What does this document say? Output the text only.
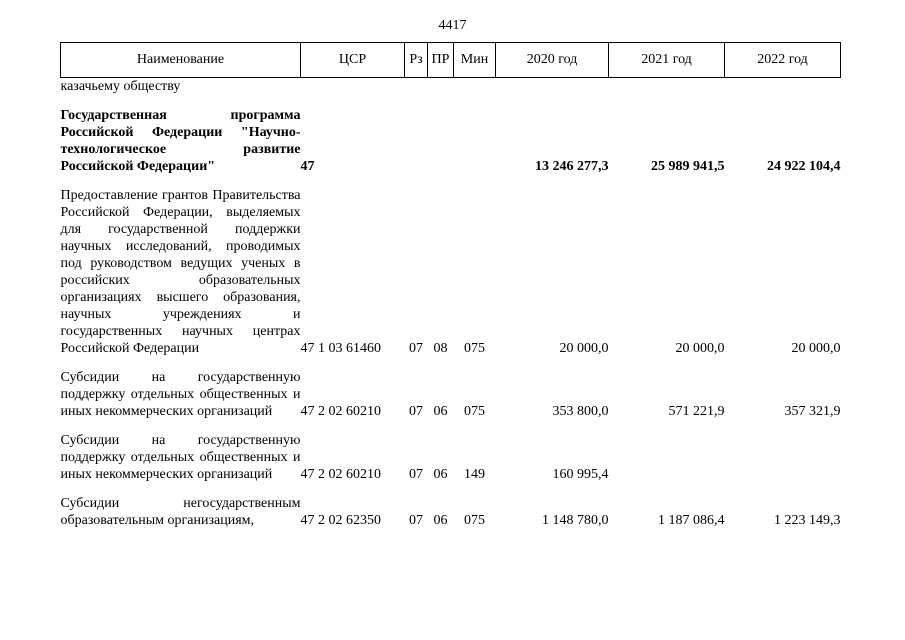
4417
Наименование	ЦСР	Рз	ПР	Мин	2020 год	2021 год	2022 год
казачьему обществу							

Государственная программа Российской Федерации "Научно-технологическое развитие Российской Федерации"	47				13 246 277,3	25 989 941,5	24 922 104,4

Предоставление грантов Правительства Российской Федерации, выделяемых для государственной поддержки научных исследований, проводимых под руководством ведущих ученых в российских образовательных организациях высшего образования, научных учреждениях и государственных научных центрах Российской Федерации	47 1 03 61460	07	08	075	20 000,0	20 000,0	20 000,0

Субсидии на государственную поддержку отдельных общественных и иных некоммерческих организаций	47 2 02 60210	07	06	075	353 800,0	571 221,9	357 321,9

Субсидии на государственную поддержку отдельных общественных и иных некоммерческих организаций	47 2 02 60210	07	06	149	160 995,4		

Субсидии негосударственным образовательным организациям,	47 2 02 62350	07	06	075	1 148 780,0	1 187 086,4	1 223 149,3
